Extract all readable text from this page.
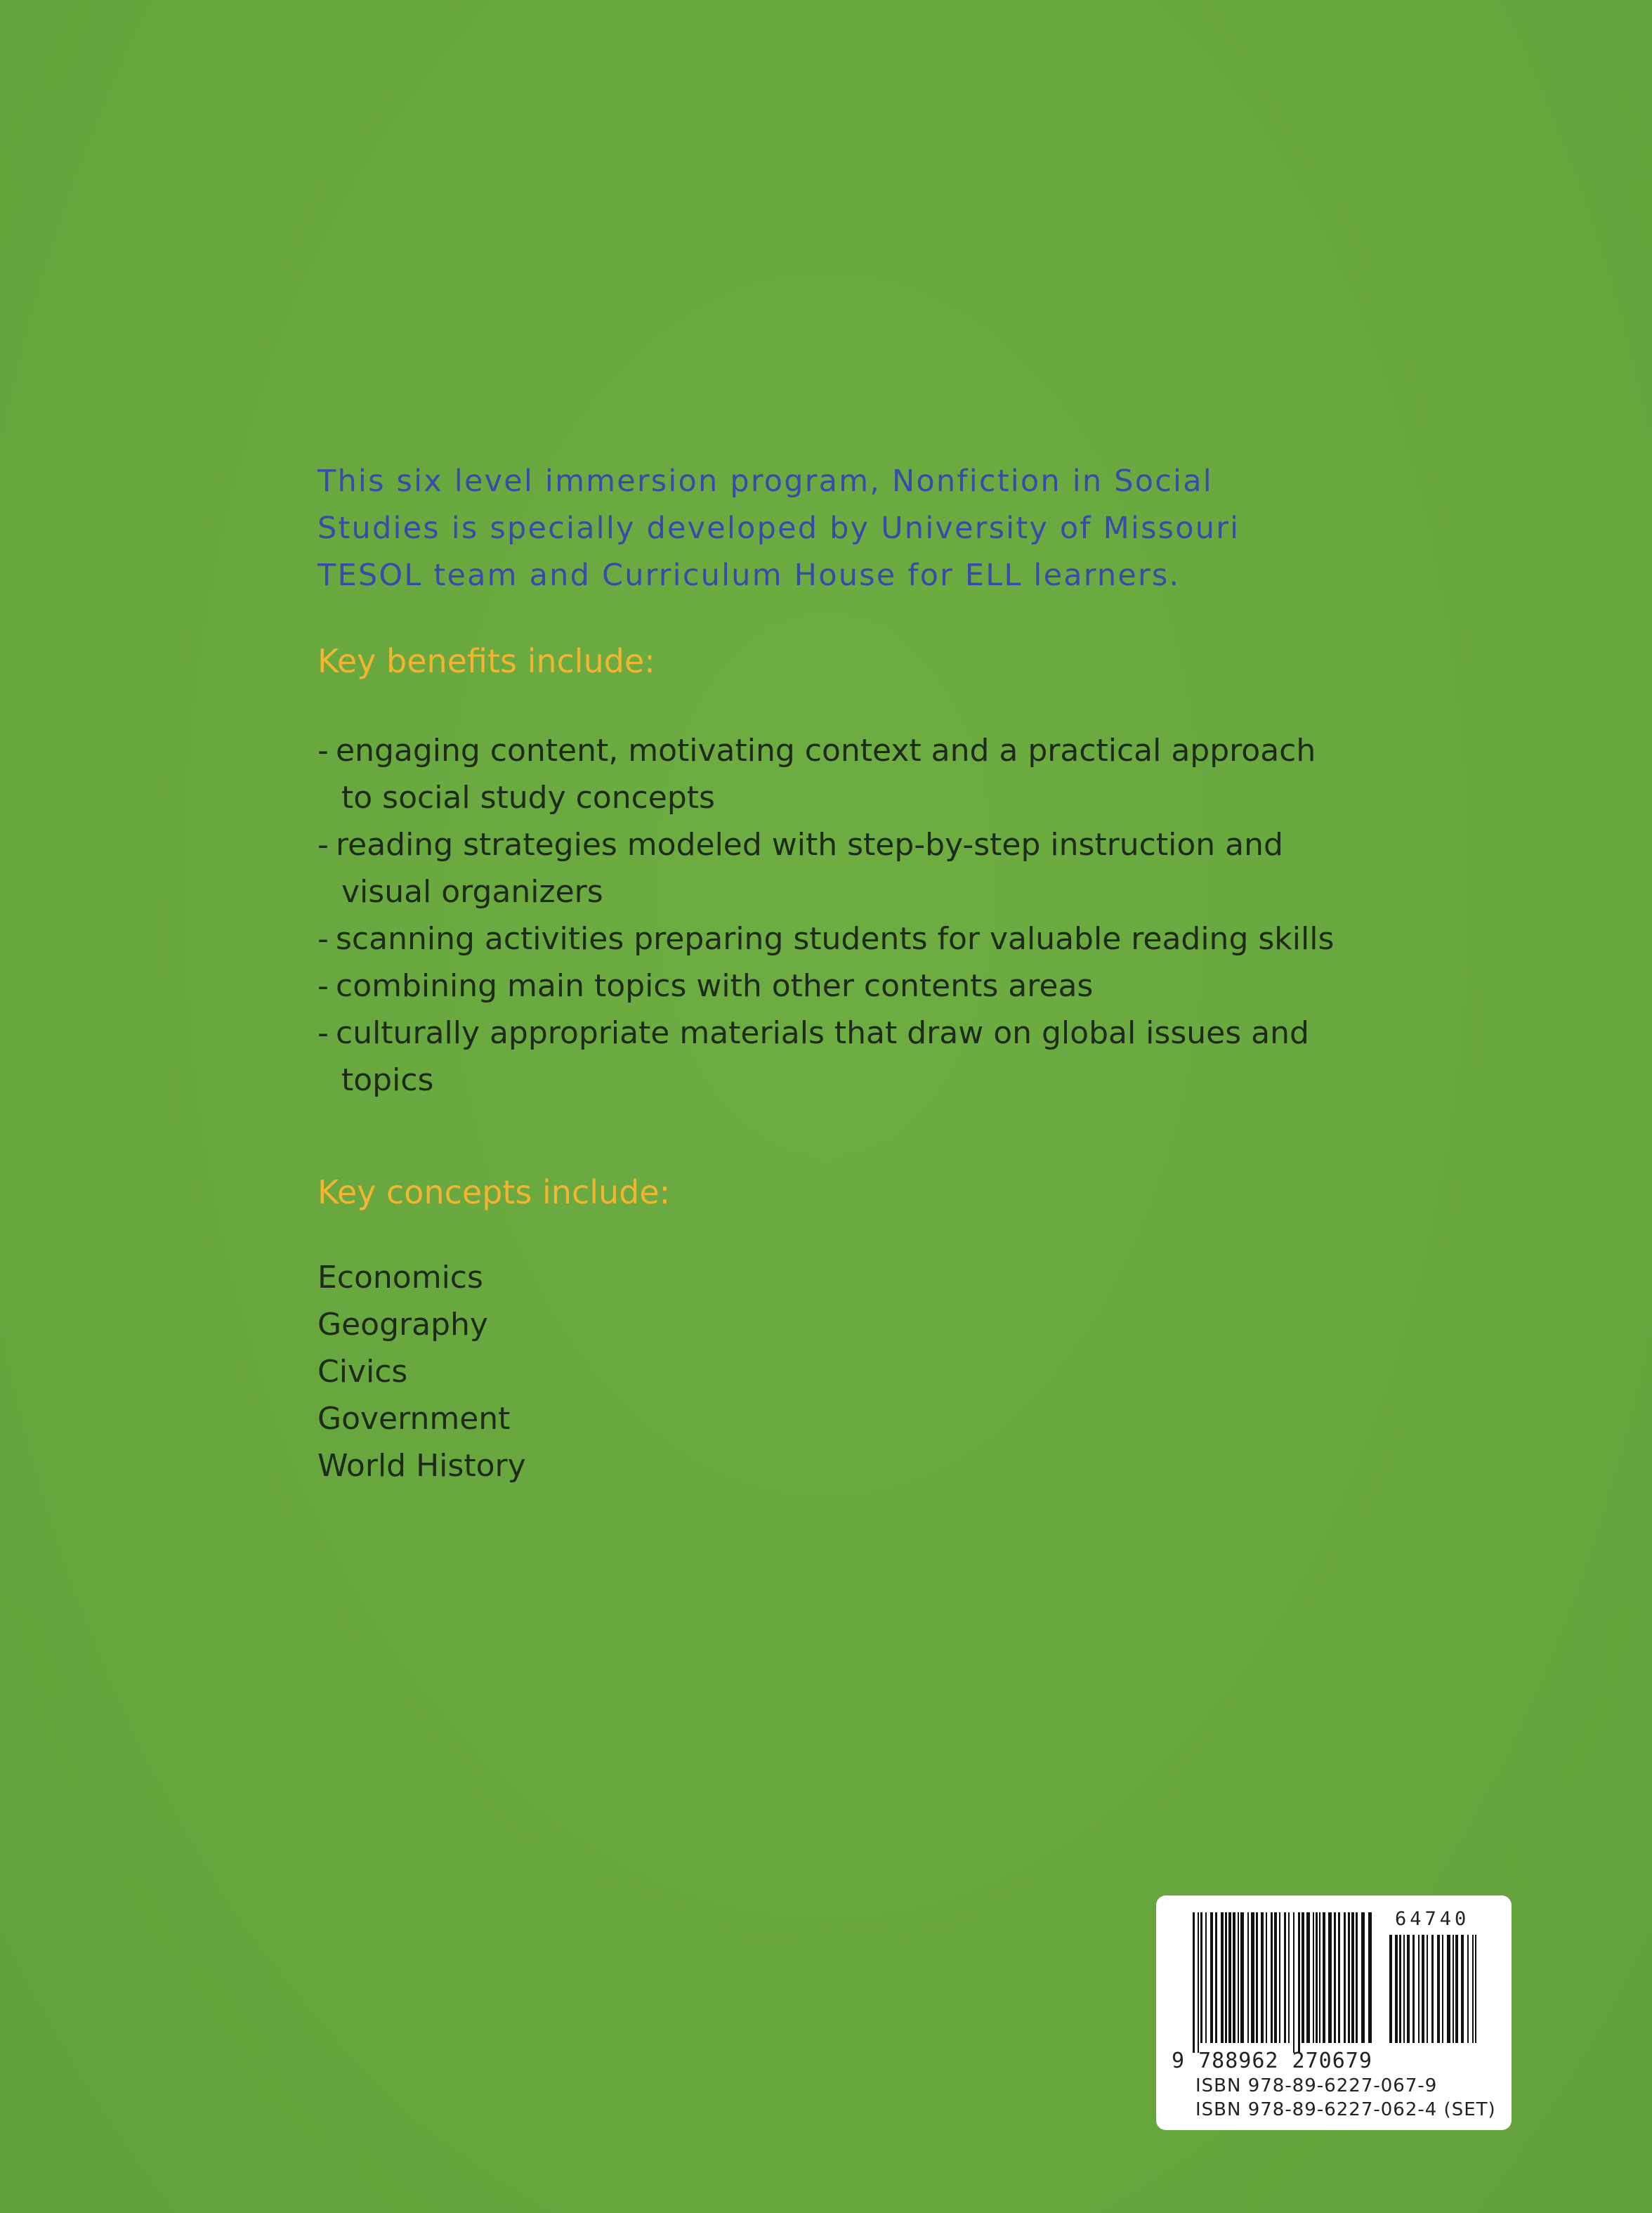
This six level immersion program, Nonfiction in Social Studies is specially developed by University of Missouri TESOL team and Curriculum House for ELL learners.

Key benefits include:
- engaging content, motivating context and a practical approach to social study concepts
- reading strategies modeled with step-by-step instruction and visual organizers
- scanning activities preparing students for valuable reading skills
- combining main topics with other contents areas
- culturally appropriate materials that draw on global issues and topics
Key concepts include:
Economics
Geography
Civics
Government
World History
64740
9 788962 270679
ISBN 978-89-6227-067-9
ISBN 978-89-6227-062-4 (SET)
